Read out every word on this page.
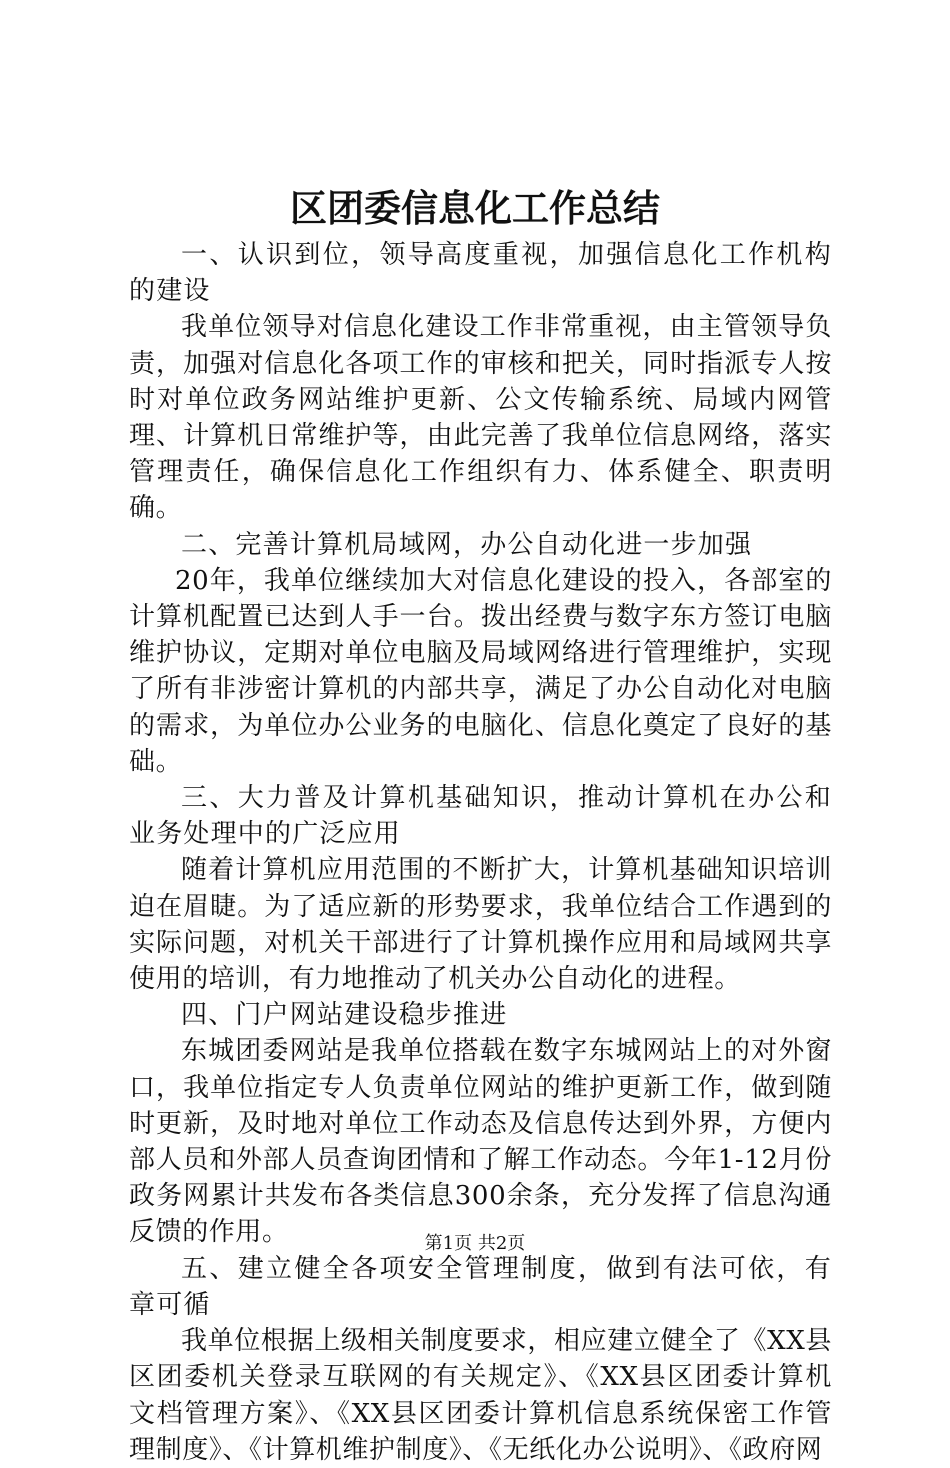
区团委信息化工作总结

一、认识到位，领导高度重视，加强信息化工作机构的建设

我单位领导对信息化建设工作非常重视，由主管领导负责，加强对信息化各项工作的审核和把关，同时指派专人按时对单位政务网站维护更新、公文传输系统、局域内网管理、计算机日常维护等，由此完善了我单位信息网络，落实管理责任，确保信息化工作组织有力、体系健全、职责明确。

二、完善计算机局域网，办公自动化进一步加强

20年，我单位继续加大对信息化建设的投入，各部室的计算机配置已达到人手一台。拨出经费与数字东方签订电脑维护协议，定期对单位电脑及局域网络进行管理维护，实现了所有非涉密计算机的内部共享，满足了办公自动化对电脑的需求，为单位办公业务的电脑化、信息化奠定了良好的基础。

三、大力普及计算机基础知识，推动计算机在办公和业务处理中的广泛应用

随着计算机应用范围的不断扩大，计算机基础知识培训迫在眉睫。为了适应新的形势要求，我单位结合工作遇到的实际问题，对机关干部进行了计算机操作应用和局域网共享使用的培训，有力地推动了机关办公自动化的进程。

四、门户网站建设稳步推进

东城团委网站是我单位搭载在数字东城网站上的对外窗口，我单位指定专人负责单位网站的维护更新工作，做到随时更新，及时地对单位工作动态及信息传达到外界，方便内部人员和外部人员查询团情和了解工作动态。今年1-12月份政务网累计共发布各类信息300余条，充分发挥了信息沟通反馈的作用。

五、建立健全各项安全管理制度，做到有法可依，有章可循

我单位根据上级相关制度要求，相应建立健全了《XX县区团委机关登录互联网的有关规定》、《XX县区团委计算机文档管理方案》、《XX县区团委计算机信息系统保密工作管理制度》、《计算机维护制度》、《无纸化办公说明》、《政府网

第1页 共2页
